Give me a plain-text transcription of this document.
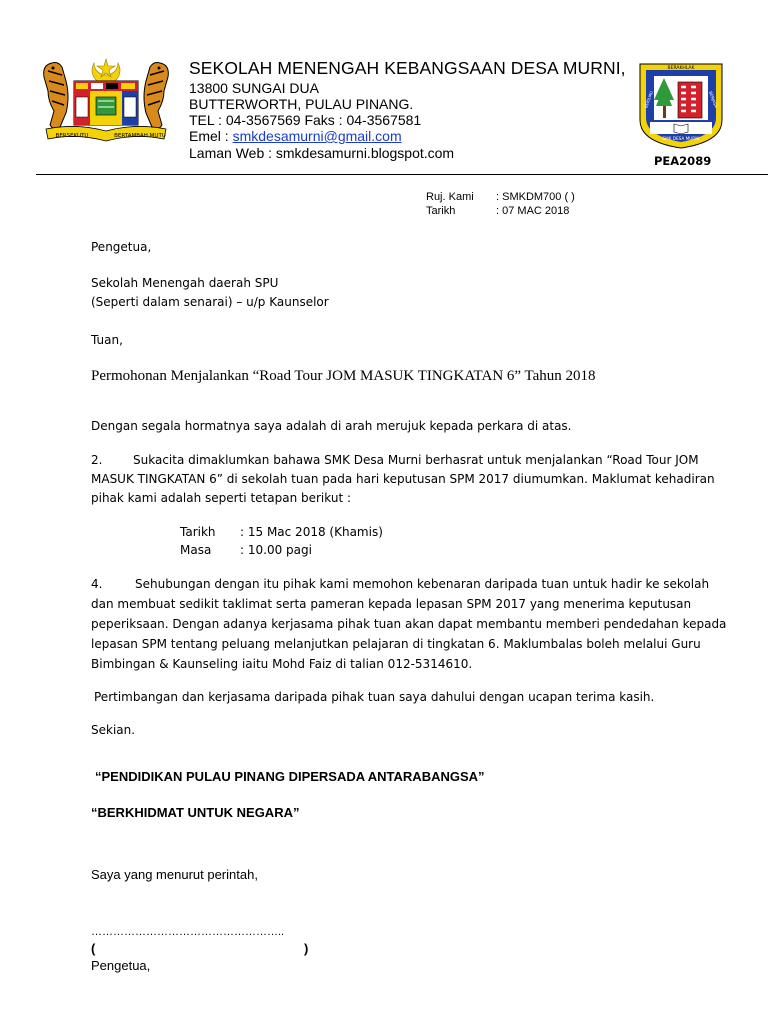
BERSEKUTU	BERTAMBAH MUTU
SEKOLAH MENENGAH KEBANGSAAN DESA MURNI,
13800 SUNGAI DUA
BUTTERWORTH, PULAU PINANG.
TEL : 04-3567569 Faks : 04-3567581
Emel : smkdesamurni@gmail.com
Laman Web : smkdesamurni.blogspot.com
BERAKHLAK
BERILMU	BERJASA
SMK DESA MURNI
PEA2089
Ruj. Kami : SMKDM700 ( )
Tarikh	: 07 MAC 2018
Pengetua,
Sekolah Menengah daerah SPU
(Seperti dalam senarai) – u/p Kaunselor
Tuan,
Permohonan Menjalankan “Road Tour JOM MASUK TINGKATAN 6” Tahun 2018
Dengan segala hormatnya saya adalah di arah merujuk kepada perkara di atas.
2.	Sukacita dimaklumkan bahawa SMK Desa Murni berhasrat untuk menjalankan “Road Tour JOM
MASUK TINGKATAN 6” di sekolah tuan pada hari keputusan SPM 2017 diumumkan. Maklumat kehadiran
pihak kami adalah seperti tetapan berikut :
Tarikh : 15 Mac 2018 (Khamis)
Masa : 10.00 pagi
4.	Sehubungan dengan itu pihak kami memohon kebenaran daripada tuan untuk hadir ke sekolah
dan membuat sedikit taklimat serta pameran kepada lepasan SPM 2017 yang menerima keputusan
peperiksaan. Dengan adanya kerjasama pihak tuan akan dapat membantu memberi pendedahan kepada
lepasan SPM tentang peluang melanjutkan pelajaran di tingkatan 6. Maklumbalas boleh melalui Guru
Bimbingan & Kaunseling iaitu Mohd Faiz di talian 012-5314610.
Pertimbangan dan kerjasama daripada pihak tuan saya dahului dengan ucapan terima kasih.
Sekian.
“PENDIDIKAN PULAU PINANG DIPERSADA ANTARABANGSA”
“BERKHIDMAT UNTUK NEGARA”
Saya yang menurut perintah,
……………………………………………..
(	)
Pengetua,
